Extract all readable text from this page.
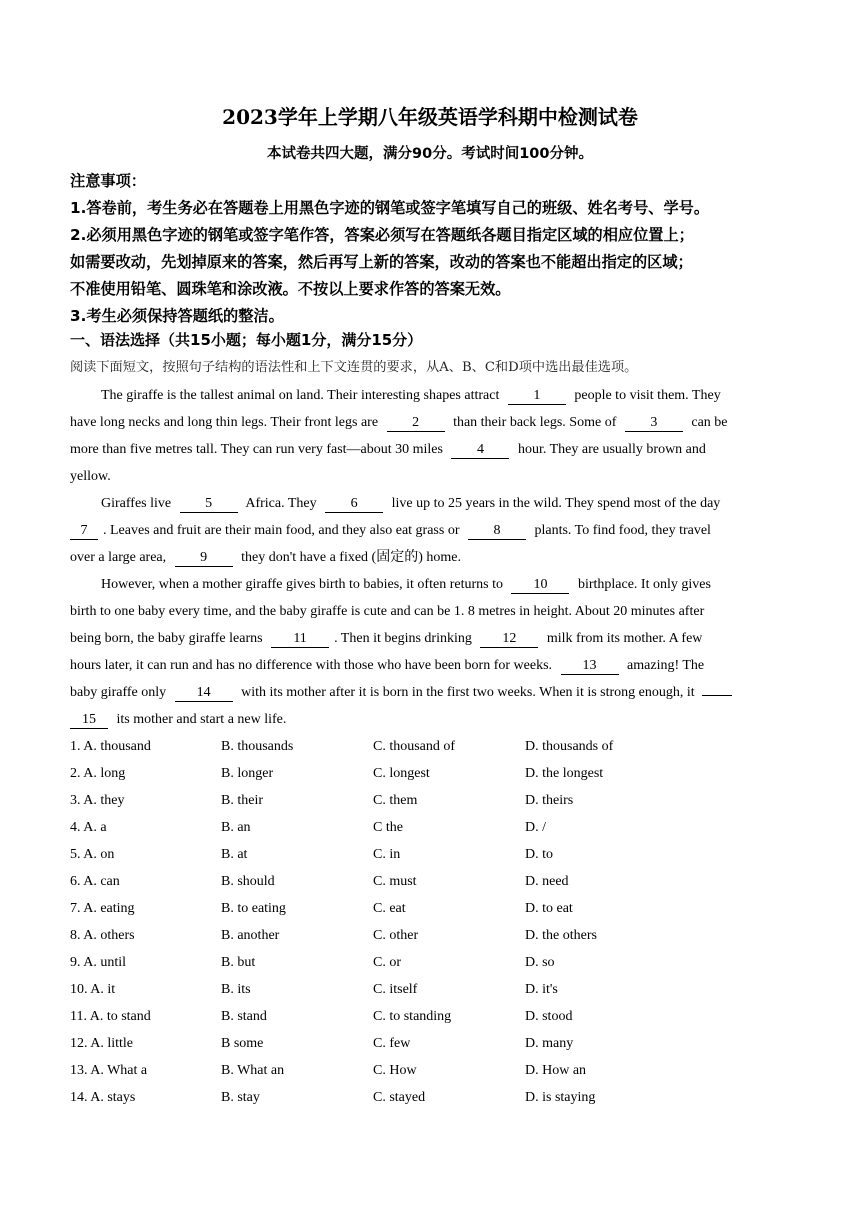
2023学年上学期八年级英语学科期中检测试卷
本试卷共四大题，满分90分。考试时间100分钟。
注意事项：
1.答卷前，考生务必在答题卷上用黑色字迹的钢笔或签字笔填写自己的班级、姓名考号、学号。
2.必须用黑色字迹的钢笔或签字笔作答，答案必须写在答题纸各题目指定区域的相应位置上；
如需要改动，先划掉原来的答案，然后再写上新的答案，改动的答案也不能超出指定的区域；
不准使用铅笔、圆珠笔和涂改液。不按以上要求作答的答案无效。
3.考生必须保持答题纸的整洁。
一、语法选择（共15小题；每小题1分，满分15分）
阅读下面短文，按照句子结构的语法性和上下文连贯的要求，从A、B、C和D项中选出最佳选项。
The giraffe is the tallest animal on land. Their interesting shapes attract 1 people to visit them. They
have long necks and long thin legs. Their front legs are 2 than their back legs. Some of 3 can be
more than five metres tall. They can run very fast—about 30 miles 4 hour. They are usually brown and
yellow.
Giraffes live 5 Africa. They 6 live up to 25 years in the wild. They spend most of the day
7 . Leaves and fruit are their main food, and they also eat grass or 8 plants. To find food, they travel
over a large area, 9 they don't have a fixed (固定的) home.
However, when a mother giraffe gives birth to babies, it often returns to 10 birthplace. It only gives
birth to one baby every time, and the baby giraffe is cute and can be 1. 8 metres in height. About 20 minutes after
being born, the baby giraffe learns 11 . Then it begins drinking 12 milk from its mother. A few
hours later, it can run and has no difference with those who have been born for weeks. 13 amazing! The
baby giraffe only 14 with its mother after it is born in the first two weeks. When it is strong enough, it
15 its mother and start a new life.
1. A. thousand	B. thousands	C. thousand of	D. thousands of
2. A. long	B. longer	C. longest	D. the longest
3. A. they	B. their	C. them	D. theirs
4. A. a	B. an	C the	D. /
5. A. on	B. at	C. in	D. to
6. A. can	B. should	C. must	D. need
7. A. eating	B. to eating	C. eat	D. to eat
8. A. others	B. another	C. other	D. the others
9. A. until	B. but	C. or	D. so
10. A. it	B. its	C. itself	D. it's
11. A. to stand	B. stand	C. to standing	D. stood
12. A. little	B some	C. few	D. many
13. A. What a	B. What an	C. How	D. How an
14. A. stays	B. stay	C. stayed	D. is staying
